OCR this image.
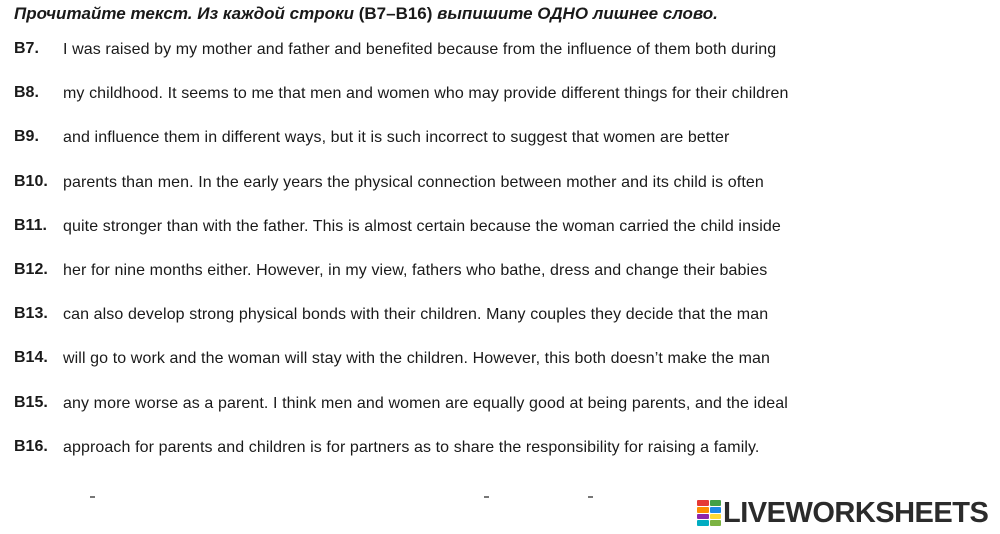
Прочитайте текст. Из каждой строки (B7–B16) выпишите ОДНО лишнее слово.
B7. I was raised by my mother and father and benefited because from the influence of them both during
B8. my childhood. It seems to me that men and women who may provide different things for their children
B9. and influence them in different ways, but it is such incorrect to suggest that women are better
B10. parents than men. In the early years the physical connection between mother and its child is often
B11. quite stronger than with the father. This is almost certain because the woman carried the child inside
B12. her for nine months either. However, in my view, fathers who bathe, dress and change their babies
B13. can also develop strong physical bonds with their children. Many couples they decide that the man
B14. will go to work and the woman will stay with the children. However, this both doesn’t make the man
B15. any more worse as a parent. I think men and women are equally good at being parents, and the ideal
B16. approach for parents and children is for partners as to share the responsibility for raising a family.
LIVEWORKSHEETS
